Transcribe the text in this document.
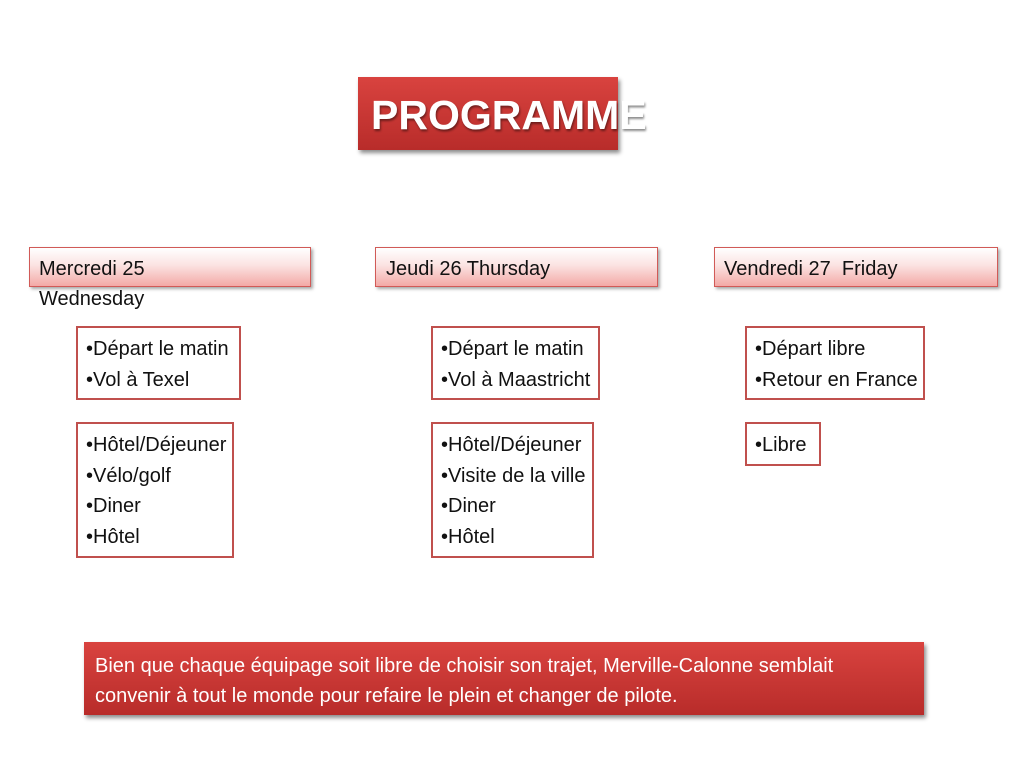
PROGRAMME

Mercredi 25 Wednesday

•Départ le matin
•Vol à Texel
•Hôtel/Déjeuner
•Vélo/golf
•Diner
•Hôtel

Jeudi 26 Thursday

•Départ le matin
•Vol à Maastricht
•Hôtel/Déjeuner
•Visite de la ville
•Diner
•Hôtel

Vendredi 27  Friday

•Départ libre
•Retour en France
•Libre

Bien que chaque équipage soit libre de choisir son trajet, Merville-Calonne semblait convenir à tout le monde pour refaire le plein et changer de pilote.
